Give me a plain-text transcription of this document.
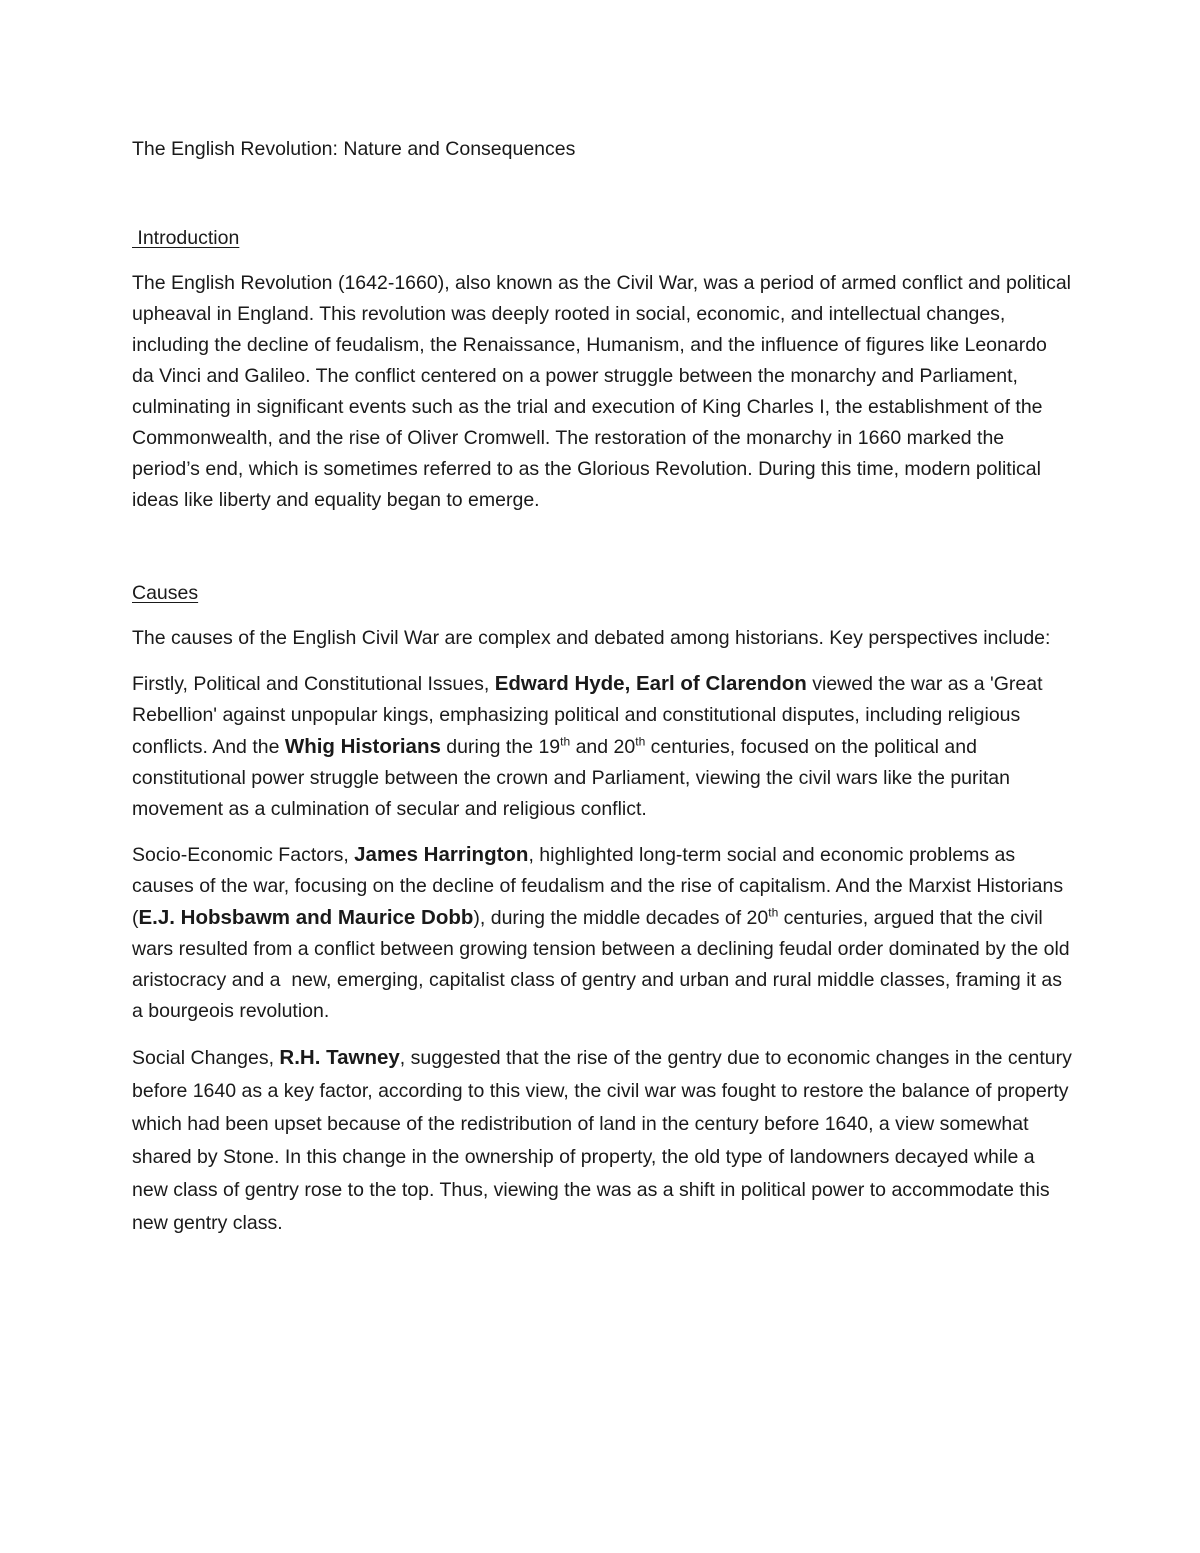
The English Revolution: Nature and Consequences
Introduction

The English Revolution (1642-1660), also known as the Civil War, was a period of armed conflict and political upheaval in England. This revolution was deeply rooted in social, economic, and intellectual changes, including the decline of feudalism, the Renaissance, Humanism, and the influence of figures like Leonardo da Vinci and Galileo. The conflict centered on a power struggle between the monarchy and Parliament, culminating in significant events such as the trial and execution of King Charles I, the establishment of the Commonwealth, and the rise of Oliver Cromwell. The restoration of the monarchy in 1660 marked the period’s end, which is sometimes referred to as the Glorious Revolution. During this time, modern political ideas like liberty and equality began to emerge.

Causes

The causes of the English Civil War are complex and debated among historians. Key perspectives include:

Firstly, Political and Constitutional Issues, Edward Hyde, Earl of Clarendon viewed the war as a 'Great Rebellion' against unpopular kings, emphasizing political and constitutional disputes, including religious conflicts. And the Whig Historians during the 19th and 20th centuries, focused on the political and constitutional power struggle between the crown and Parliament, viewing the civil wars like the puritan movement as a culmination of secular and religious conflict.

Socio-Economic Factors, James Harrington, highlighted long-term social and economic problems as causes of the war, focusing on the decline of feudalism and the rise of capitalism. And the Marxist Historians (E.J. Hobsbawm and Maurice Dobb), during the middle decades of 20th centuries, argued that the civil wars resulted from a conflict between growing tension between a declining feudal order dominated by the old aristocracy and a  new, emerging, capitalist class of gentry and urban and rural middle classes, framing it as a bourgeois revolution.

Social Changes, R.H. Tawney, suggested that the rise of the gentry due to economic changes in the century before 1640 as a key factor, according to this view, the civil war was fought to restore the balance of property which had been upset because of the redistribution of land in the century before 1640, a view somewhat shared by Stone. In this change in the ownership of property, the old type of landowners decayed while a new class of gentry rose to the top. Thus, viewing the was as a shift in political power to accommodate this new gentry class.
